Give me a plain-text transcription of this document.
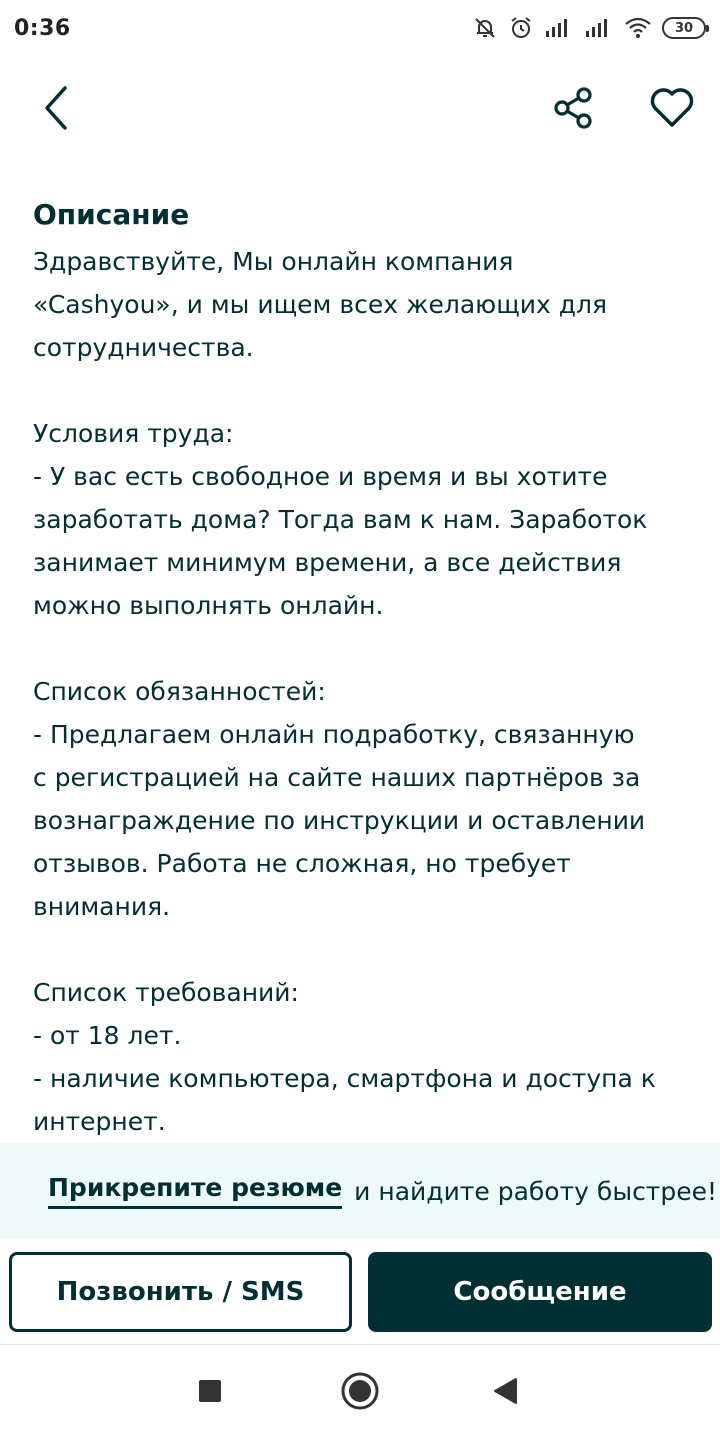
0:36	30
Описание
Здравствуйте, Мы онлайн компания
«Cashyou», и мы ищем всех желающих для
сотрудничества.
Условия труда:
- У вас есть свободное и время и вы хотите
заработать дома? Тогда вам к нам. Заработок
занимает минимум времени, а все действия
можно выполнять онлайн.
Список обязанностей:
- Предлагаем онлайн подработку, связанную
с регистрацией на сайте наших партнёров за
вознаграждение по инструкции и оставлении
отзывов. Работа не сложная, но требует
внимания.
Список требований:
- от 18 лет.
- наличие компьютера, смартфона и доступа к
интернет.
Прикрепите резюме и найдите работу быстрее!
Позвонить / SMS	Сообщение
